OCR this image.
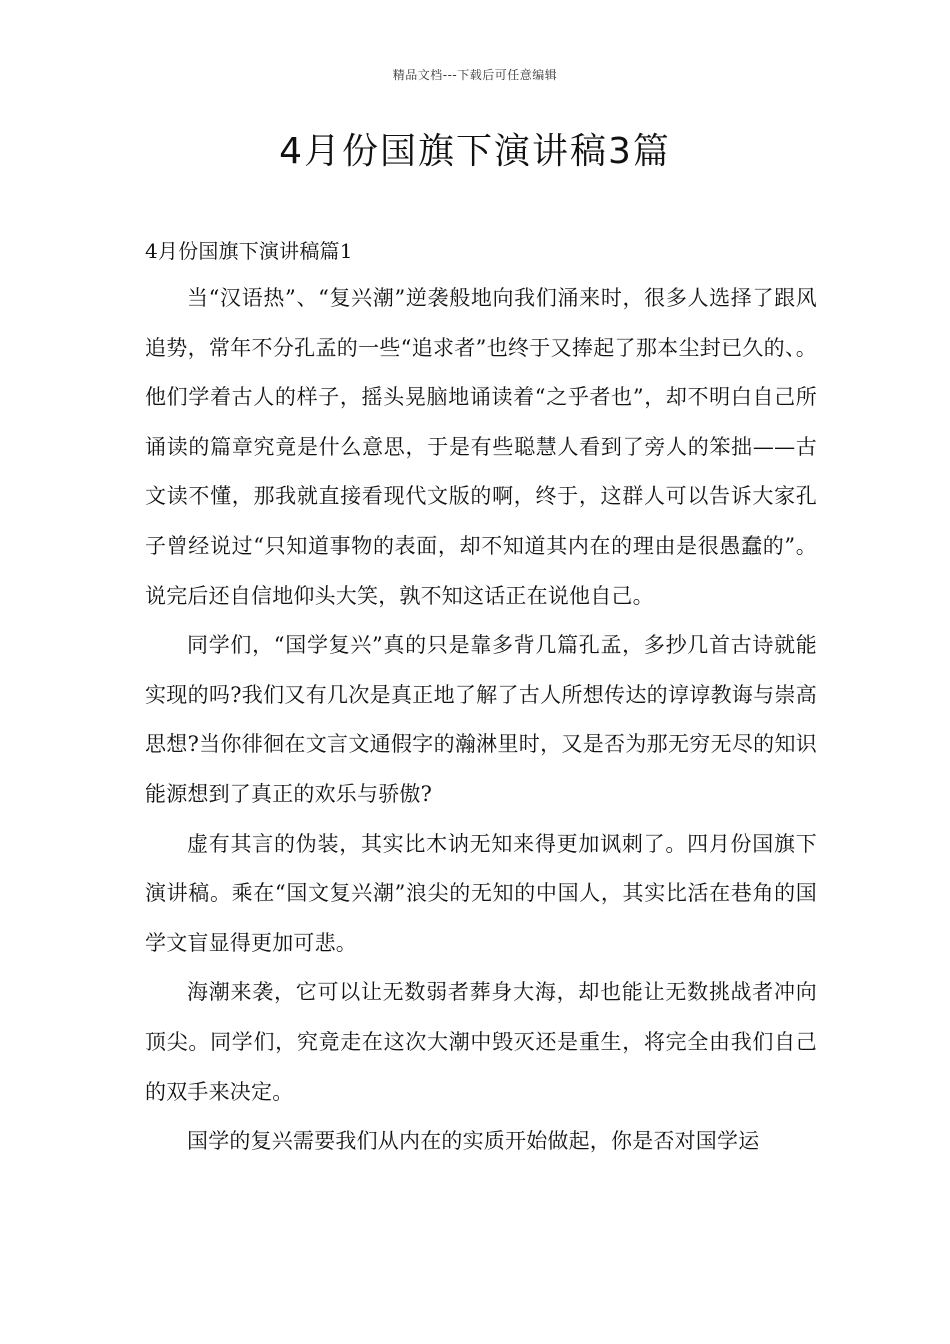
精品文档---下载后可任意编辑
4月份国旗下演讲稿3篇
4月份国旗下演讲稿篇1

当“汉语热”、“复兴潮”逆袭般地向我们涌来时，很多人选择了跟风追势，常年不分孔孟的一些“追求者”也终于又捧起了那本尘封已久的、。他们学着古人的样子，摇头晃脑地诵读着“之乎者也”，却不明白自己所诵读的篇章究竟是什么意思，于是有些聪慧人看到了旁人的笨拙——古文读不懂，那我就直接看现代文版的啊，终于，这群人可以告诉大家孔子曾经说过“只知道事物的表面，却不知道其内在的理由是很愚蠢的”。说完后还自信地仰头大笑，孰不知这话正在说他自己。

同学们，“国学复兴”真的只是靠多背几篇孔孟，多抄几首古诗就能实现的吗?我们又有几次是真正地了解了古人所想传达的谆谆教诲与崇高思想?当你徘徊在文言文通假字的瀚淋里时，又是否为那无穷无尽的知识能源想到了真正的欢乐与骄傲?

虚有其言的伪装，其实比木讷无知来得更加讽刺了。四月份国旗下演讲稿。乘在“国文复兴潮”浪尖的无知的中国人，其实比活在巷角的国学文盲显得更加可悲。

海潮来袭，它可以让无数弱者葬身大海，却也能让无数挑战者冲向顶尖。同学们，究竟走在这次大潮中毁灭还是重生，将完全由我们自己的双手来决定。

国学的复兴需要我们从内在的实质开始做起，你是否对国学运
